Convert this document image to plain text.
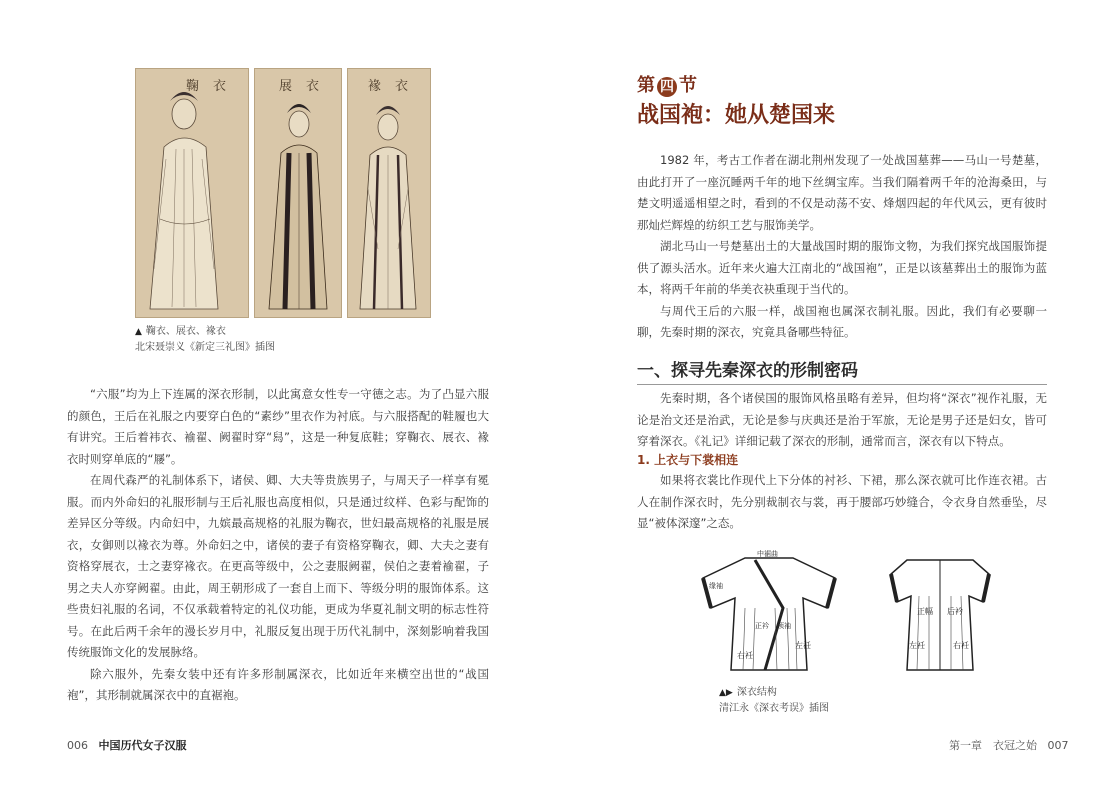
鞠衣	展衣	褖衣
▲ 鞠衣、展衣、褖衣
北宋聂崇义《新定三礼图》插图

“六服”均为上下连属的深衣形制，以此寓意女性专一守德之志。为了凸显六服的颜色，王后在礼服之内要穿白色的“素纱”里衣作为衬底。与六服搭配的鞋履也大有讲究。王后着袆衣、褕翟、阙翟时穿“舄”，这是一种复底鞋；穿鞠衣、展衣、褖衣时则穿单底的“屦”。

在周代森严的礼制体系下，诸侯、卿、大夫等贵族男子，与周天子一样享有冕服。而内外命妇的礼服形制与王后礼服也高度相似，只是通过纹样、色彩与配饰的差异区分等级。内命妇中，九嫔最高规格的礼服为鞠衣，世妇最高规格的礼服是展衣，女御则以褖衣为尊。外命妇之中，诸侯的妻子有资格穿鞠衣，卿、大夫之妻有资格穿展衣，士之妻穿褖衣。在更高等级中，公之妻服阙翟，侯伯之妻着褕翟，子男之夫人亦穿阙翟。由此，周王朝形成了一套自上而下、等级分明的服饰体系。这些贵妇礼服的名词，不仅承载着特定的礼仪功能，更成为华夏礼制文明的标志性符号。在此后两千余年的漫长岁月中，礼服反复出现于历代礼制中，深刻影响着我国传统服饰文化的发展脉络。

除六服外，先秦女装中还有许多形制属深衣，比如近年来横空出世的“战国袍”，其形制就属深衣中的直裾袍。

006 中国历代女子汉服
第 四 节
战国袍：她从楚国来

1982 年，考古工作者在湖北荆州发现了一处战国墓葬——马山一号楚墓，由此打开了一座沉睡两千年的地下丝绸宝库。当我们隔着两千年的沧海桑田，与楚文明遥遥相望之时，看到的不仅是动荡不安、烽烟四起的年代风云，更有彼时那灿烂辉煌的纺织工艺与服饰美学。

湖北马山一号楚墓出土的大量战国时期的服饰文物，为我们探究战国服饰提供了源头活水。近年来火遍大江南北的“战国袍”，正是以该墓葬出土的服饰为蓝本，将两千年前的华美衣袂重现于当代的。

与周代王后的六服一样，战国袍也属深衣制礼服。因此，我们有必要聊一聊，先秦时期的深衣，究竟具备哪些特征。

一、探寻先秦深衣的形制密码

先秦时期，各个诸侯国的服饰风格虽略有差异，但均将“深衣”视作礼服，无论是治文还是治武，无论是参与庆典还是治于军旅，无论是男子还是妇女，皆可穿着深衣。《礼记》详细记载了深衣的形制，通常而言，深衣有以下特点。

1. 上衣与下裳相连

如果将衣裳比作现代上下分体的衬衫、下裙，那么深衣就可比作连衣裙。古人在制作深衣时，先分别裁制衣与裳，再于腰部巧妙缝合，令衣身自然垂坠，尽显“被体深邃”之态。

中裾曲
右衽
缘袖
正衿 领袖
左衽
后衿
正幅
左衽	右衽
▲▶ 深衣结构
清江永《深衣考误》插图
第一章　衣冠之始 007
